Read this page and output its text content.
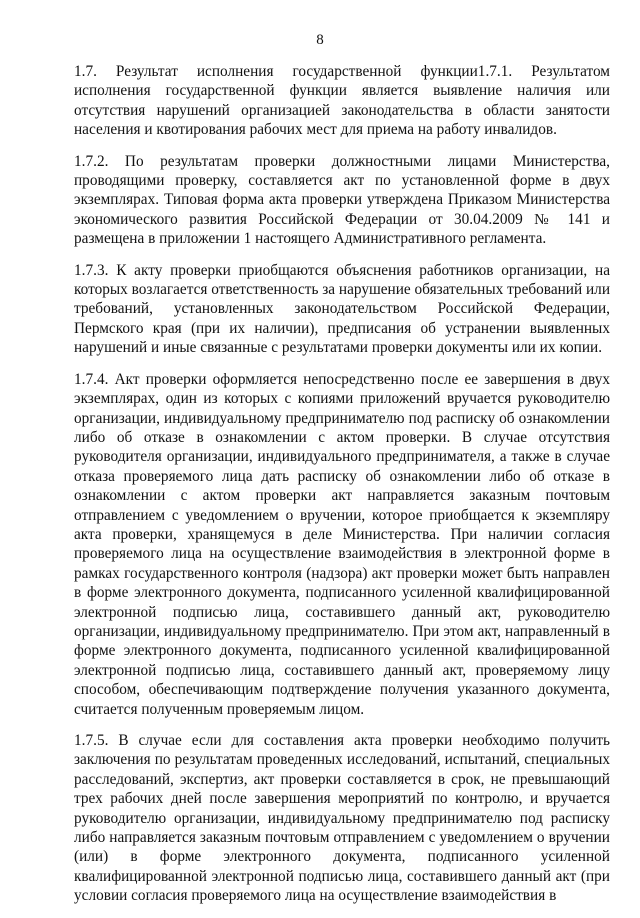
8

1.7. Результат исполнения государственной функции1.7.1. Результатом исполнения государственной функции является выявление наличия или отсутствия нарушений организацией законодательства в области занятости населения и квотирования рабочих мест для приема на работу инвалидов.

1.7.2. По результатам проверки должностными лицами Министерства, проводящими проверку, составляется акт по установленной форме в двух экземплярах. Типовая форма акта проверки утверждена Приказом Министерства экономического развития Российской Федерации от 30.04.2009 № 141 и размещена в приложении 1 настоящего Административного регламента.

1.7.3. К акту проверки приобщаются объяснения работников организации, на которых возлагается ответственность за нарушение обязательных требований или требований, установленных законодательством Российской Федерации, Пермского края (при их наличии), предписания об устранении выявленных нарушений и иные связанные с результатами проверки документы или их копии.

1.7.4. Акт проверки оформляется непосредственно после ее завершения в двух экземплярах, один из которых с копиями приложений вручается руководителю организации, индивидуальному предпринимателю под расписку об ознакомлении либо об отказе в ознакомлении с актом проверки. В случае отсутствия руководителя организации, индивидуального предпринимателя, а также в случае отказа проверяемого лица дать расписку об ознакомлении либо об отказе в ознакомлении с актом проверки акт направляется заказным почтовым отправлением с уведомлением о вручении, которое приобщается к экземпляру акта проверки, хранящемуся в деле Министерства. При наличии согласия проверяемого лица на осуществление взаимодействия в электронной форме в рамках государственного контроля (надзора) акт проверки может быть направлен в форме электронного документа, подписанного усиленной квалифицированной электронной подписью лица, составившего данный акт, руководителю организации, индивидуальному предпринимателю. При этом акт, направленный в форме электронного документа, подписанного усиленной квалифицированной электронной подписью лица, составившего данный акт, проверяемому лицу способом, обеспечивающим подтверждение получения указанного документа, считается полученным проверяемым лицом.

1.7.5. В случае если для составления акта проверки необходимо получить заключения по результатам проведенных исследований, испытаний, специальных расследований, экспертиз, акт проверки составляется в срок, не превышающий трех рабочих дней после завершения мероприятий по контролю, и вручается руководителю организации, индивидуальному предпринимателю под расписку либо направляется заказным почтовым отправлением с уведомлением о вручении (или) в форме электронного документа, подписанного усиленной квалифицированной электронной подписью лица, составившего данный акт (при условии согласия проверяемого лица на осуществление взаимодействия в
